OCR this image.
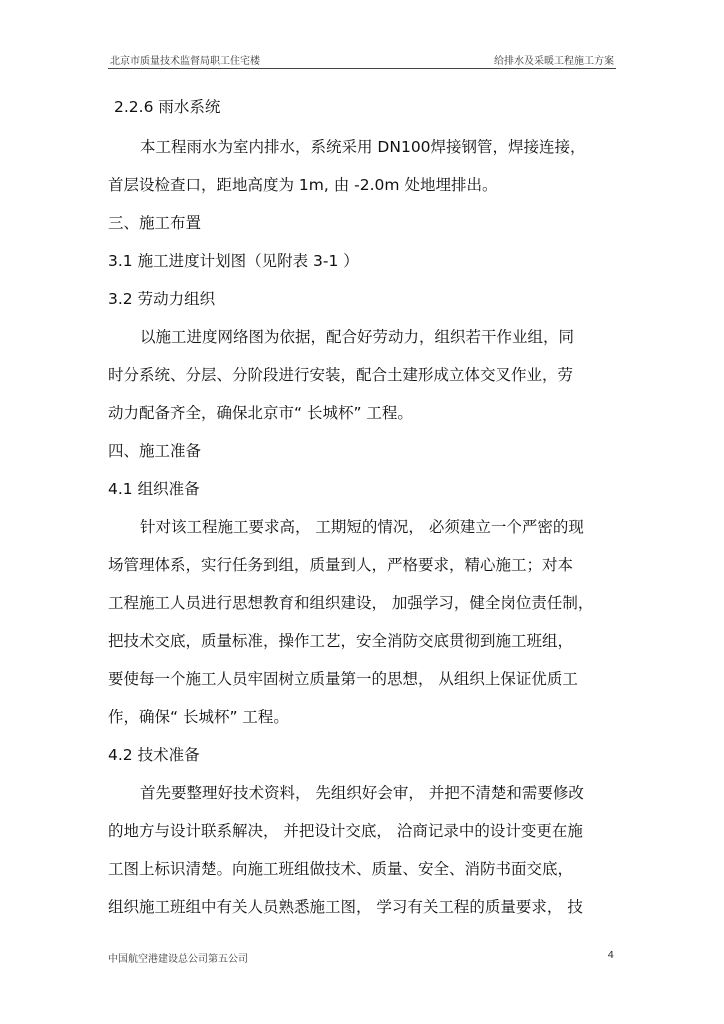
北京市质量技术监督局职工住宅楼	给排水及采暖工程施工方案
2.2.6 雨水系统
本工程雨水为室内排水，系统采用 DN100焊接钢管，焊接连接，
首层设检查口，距地高度为 1m, 由 -2.0m 处地埋排出。
三、施工布置
3.1 施工进度计划图（见附表 3-1 ）
3.2 劳动力组织
以施工进度网络图为依据，配合好劳动力，组织若干作业组，同
时分系统、分层、分阶段进行安装，配合土建形成立体交叉作业，劳
动力配备齐全，确保北京市“ 长城杯” 工程。
四、施工准备
4.1 组织准备
针对该工程施工要求高， 工期短的情况， 必须建立一个严密的现
场管理体系，实行任务到组，质量到人，严格要求，精心施工；对本
工程施工人员进行思想教育和组织建设， 加强学习，健全岗位责任制，
把技术交底，质量标准，操作工艺，安全消防交底贯彻到施工班组，
要使每一个施工人员牢固树立质量第一的思想， 从组织上保证优质工
作，确保“ 长城杯” 工程。
4.2 技术准备
首先要整理好技术资料， 先组织好会审， 并把不清楚和需要修改
的地方与设计联系解决， 并把设计交底， 洽商记录中的设计变更在施
工图上标识清楚。向施工班组做技术、质量、安全、消防书面交底，
组织施工班组中有关人员熟悉施工图， 学习有关工程的质量要求， 技
中国航空港建设总公司第五公司	4
